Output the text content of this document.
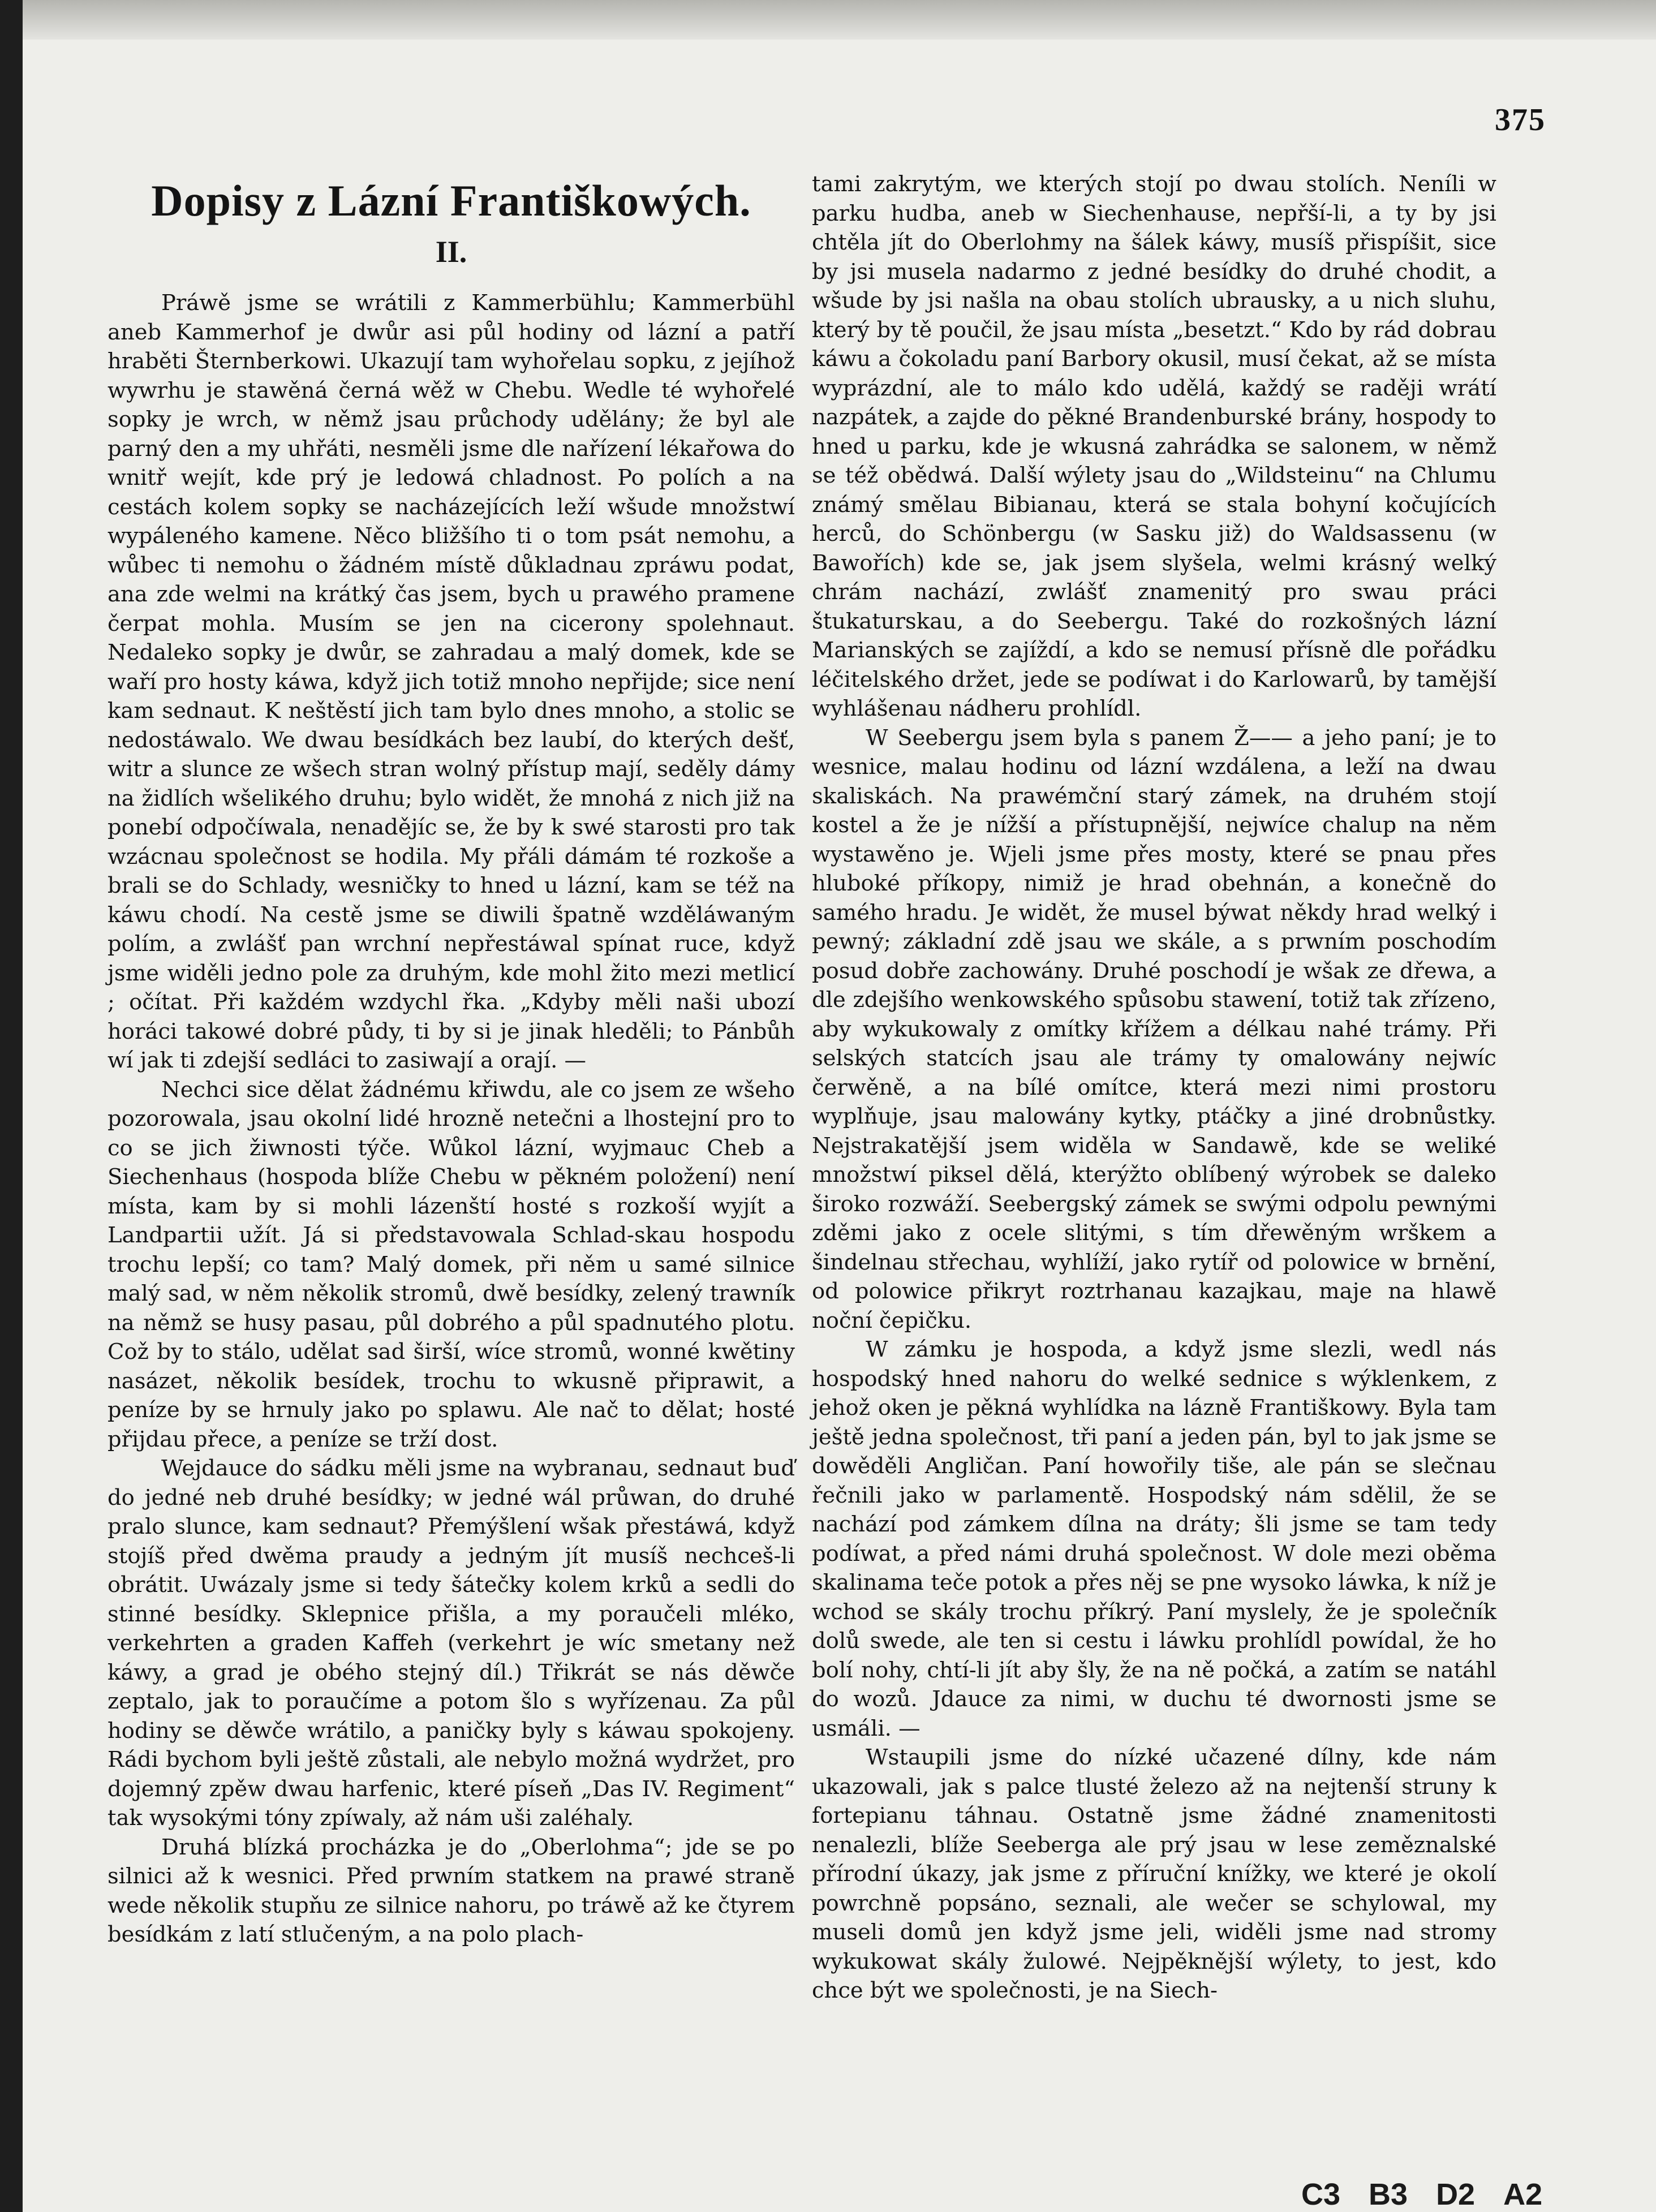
375
Dopisy z Lázní Františkowých.
II.

Práwě jsme se wrátili z Kammerbühlu; Kammerbühl aneb Kammerhof je dwůr asi půl hodiny od lázní a patří hraběti Šternberkowi. Ukazují tam wyhořelau sopku, z jejíhož wywrhu je stawěná černá wěž w Chebu. Wedle té wyhořelé sopky je wrch, w němž jsau průchody udělány; že byl ale parný den a my uhřáti, nesměli jsme dle nařízení lékařowa do wnitř wejít, kde prý je ledowá chladnost. Po polích a na cestách kolem sopky se nacházejících leží wšude množstwí wypáleného kamene. Něco bližšího ti o tom psát nemohu, a wůbec ti nemohu o žádném místě důkladnau zpráwu podat, ana zde welmi na krátký čas jsem, bych u prawého pramene čerpat mohla. Musím se jen na cicerony spolehnaut. Nedaleko sopky je dwůr, se zahradau a malý domek, kde se waří pro hosty káwa, když jich totiž mnoho nepřijde; sice není kam sednaut. K neštěstí jich tam bylo dnes mnoho, a stolic se nedostáwalo. We dwau besídkách bez laubí, do kterých dešť, witr a slunce ze wšech stran wolný přístup mají, seděly dámy na židlích wšelikého druhu; bylo widět, že mnohá z nich již na ponebí odpočíwala, nenadějíc se, že by k swé starosti pro tak wzácnau společnost se hodila. My přáli dámám té rozkoše a brali se do Schlady, wesničky to hned u lázní, kam se též na káwu chodí. Na cestě jsme se diwili špatně wzděláwaným polím, a zwlášť pan wrchní nepřestáwal spínat ruce, když jsme widěli jedno pole za druhým, kde mohl žito mezi metlicí ; očítat. Při každém wzdychl řka. „Kdyby měli naši ubozí horáci takowé dobré půdy, ti by si je jinak hleděli; to Pánbůh wí jak ti zdejší sedláci to zasiwají a orají. —

Nechci sice dělat žádnému křiwdu, ale co jsem ze wšeho pozorowala, jsau okolní lidé hrozně netečni a lhostejní pro to co se jich žiwnosti týče. Wůkol lázní, wyjmauc Cheb a Siechenhaus (hospoda blíže Chebu w pěkném položení) není místa, kam by si mohli lázenští hosté s rozkoší wyjít a Landpartii užít. Já si představowala Schlad-skau hospodu trochu lepší; co tam? Malý domek, při něm u samé silnice malý sad, w něm několik stromů, dwě besídky, zelený trawník na němž se husy pasau, půl dobrého a půl spadnutého plotu. Což by to stálo, udělat sad širší, wíce stromů, wonné kwětiny nasázet, několik besídek, trochu to wkusně připrawit, a peníze by se hrnuly jako po splawu. Ale nač to dělat; hosté přijdau přece, a peníze se trží dost.

Wejdauce do sádku měli jsme na wybranau, sednaut buď do jedné neb druhé besídky; w jedné wál průwan, do druhé pralo slunce, kam sednaut? Přemýšlení wšak přestáwá, když stojíš před dwěma praudy a jedným jít musíš nechceš-li obrátit. Uwázaly jsme si tedy šátečky kolem krků a sedli do stinné besídky. Sklepnice přišla, a my poraučeli mléko, verkehrten a graden Kaffeh (verkehrt je wíc smetany než káwy, a grad je obého stejný díl.) Třikrát se nás děwče zeptalo, jak to poraučíme a potom šlo s wyřízenau. Za půl hodiny se děwče wrátilo, a paničky byly s káwau spokojeny. Rádi bychom byli ještě zůstali, ale nebylo možná wydržet, pro dojemný zpěw dwau harfenic, které píseň „Das IV. Regiment“ tak wysokými tóny zpíwaly, až nám uši zaléhaly.

Druhá blízká procházka je do „Oberlohma“; jde se po silnici až k wesnici. Před prwním statkem na prawé straně wede několik stupňu ze silnice nahoru, po tráwě až ke čtyrem besídkám z latí stlučeným, a na polo plach-

tami zakrytým, we kterých stojí po dwau stolích. Neníli w parku hudba, aneb w Siechenhause, nepřší-li, a ty by jsi chtěla jít do Oberlohmy na šálek káwy, musíš přispíšit, sice by jsi musela nadarmo z jedné besídky do druhé chodit, a wšude by jsi našla na obau stolích ubrausky, a u nich sluhu, který by tě poučil, že jsau místa „besetzt.“ Kdo by rád dobrau káwu a čokoladu paní Barbory okusil, musí čekat, až se místa wyprázdní, ale to málo kdo udělá, každý se raději wrátí nazpátek, a zajde do pěkné Brandenburské brány, hospody to hned u parku, kde je wkusná zahrádka se salonem, w němž se též obědwá. Další wýlety jsau do „Wildsteinu“ na Chlumu známý smělau Bibianau, která se stala bohyní kočujících herců, do Schönbergu (w Sasku již) do Waldsassenu (w Bawořích) kde se, jak jsem slyšela, welmi krásný welký chrám nachází, zwlášť znamenitý pro swau práci štukaturskau, a do Seebergu. Také do rozkošných lázní Marianských se zajíždí, a kdo se nemusí přísně dle pořádku léčitelského držet, jede se podíwat i do Karlowarů, by tamější wyhlášenau nádheru prohlídl.

W Seebergu jsem byla s panem Ž—— a jeho paní; je to wesnice, malau hodinu od lázní wzdálena, a leží na dwau skaliskách. Na prawémční starý zámek, na druhém stojí kostel a že je nížší a přístupnější, nejwíce chalup na něm wystawěno je. Wjeli jsme přes mosty, které se pnau přes hluboké příkopy, nimiž je hrad obehnán, a konečně do samého hradu. Je widět, že musel býwat někdy hrad welký i pewný; základní zdě jsau we skále, a s prwním poschodím posud dobře zachowány. Druhé poschodí je wšak ze dřewa, a dle zdejšího wenkowského spůsobu stawení, totiž tak zřízeno, aby wykukowaly z omítky křížem a délkau nahé trámy. Při selských statcích jsau ale trámy ty omalowány nejwíc čerwěně, a na bílé omítce, která mezi nimi prostoru wyplňuje, jsau malowány kytky, ptáčky a jiné drobnůstky. Nejstrakatější jsem widěla w Sandawě, kde se weliké množstwí piksel dělá, kterýžto oblíbený wýrobek se daleko široko rozwáží. Seebergský zámek se swými odpolu pewnými zděmi jako z ocele slitými, s tím dřewěným wrškem a šindelnau střechau, wyhlíží, jako rytíř od polowice w brnění, od polowice přikryt roztrhanau kazajkau, maje na hlawě noční čepičku.

W zámku je hospoda, a když jsme slezli, wedl nás hospodský hned nahoru do welké sednice s wýklenkem, z jehož oken je pěkná wyhlídka na lázně Františkowy. Byla tam ještě jedna společnost, tři paní a jeden pán, byl to jak jsme se dowěděli Angličan. Paní howořily tiše, ale pán se slečnau řečnili jako w parlamentě. Hospodský nám sdělil, že se nachází pod zámkem dílna na dráty; šli jsme se tam tedy podíwat, a před námi druhá společnost. W dole mezi oběma skalinama teče potok a přes něj se pne wysoko láwka, k níž je wchod se skály trochu příkrý. Paní myslely, že je společník dolů swede, ale ten si cestu i láwku prohlídl powídal, že ho bolí nohy, chtí-li jít aby šly, že na ně počká, a zatím se natáhl do wozů. Jdauce za nimi, w duchu té dwornosti jsme se usmáli. —

Wstaupili jsme do nízké učazené dílny, kde nám ukazowali, jak s palce tlusté železo až na nejtenší struny k fortepianu táhnau. Ostatně jsme žádné znamenitosti nenalezli, blíže Seeberga ale prý jsau w lese zeměznalské přírodní úkazy, jak jsme z příruční knížky, we které je okolí powrchně popsáno, seznali, ale wečer se schylowal, my museli domů jen když jsme jeli, widěli jsme nad stromy wykukowat skály žulowé. Nejpěknější wýlety, to jest, kdo chce být we společnosti, je na Siech-

C3 B3 D2 A2
